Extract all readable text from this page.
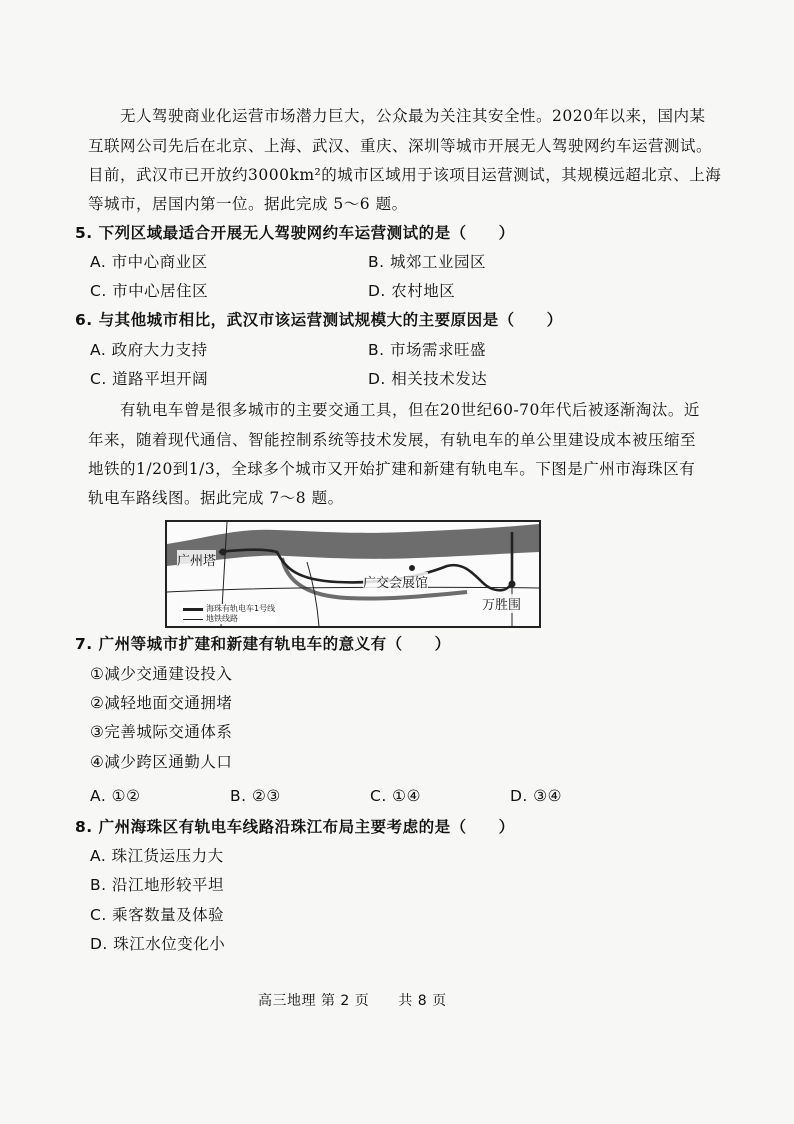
无人驾驶商业化运营市场潜力巨大，公众最为关注其安全性。2020年以来，国内某
互联网公司先后在北京、上海、武汉、重庆、深圳等城市开展无人驾驶网约车运营测试。
目前，武汉市已开放约3000km²的城市区域用于该项目运营测试，其规模远超北京、上海
等城市，居国内第一位。据此完成 5～6 题。
5. 下列区域最适合开展无人驾驶网约车运营测试的是（　　）
A. 市中心商业区	B. 城郊工业园区
C. 市中心居住区	D. 农村地区
6. 与其他城市相比，武汉市该运营测试规模大的主要原因是（　　）
A. 政府大力支持	B. 市场需求旺盛
C. 道路平坦开阔	D. 相关技术发达
有轨电车曾是很多城市的主要交通工具，但在20世纪60-70年代后被逐渐淘汰。近
年来，随着现代通信、智能控制系统等技术发展，有轨电车的单公里建设成本被压缩至
地铁的1/20到1/3，全球多个城市又开始扩建和新建有轨电车。下图是广州市海珠区有
轨电车路线图。据此完成 7～8 题。
广州塔
广交会展馆
万胜围
海珠有轨电车1号线
地铁线路
7. 广州等城市扩建和新建有轨电车的意义有（　　）
①减少交通建设投入
②减轻地面交通拥堵
③完善城际交通体系
④减少跨区通勤人口
A. ①②	B. ②③	C. ①④	D. ③④
8. 广州海珠区有轨电车线路沿珠江布局主要考虑的是（　　）
A. 珠江货运压力大
B. 沿江地形较平坦
C. 乘客数量及体验
D. 珠江水位变化小
高三地理 第 2 页　　共 8 页
